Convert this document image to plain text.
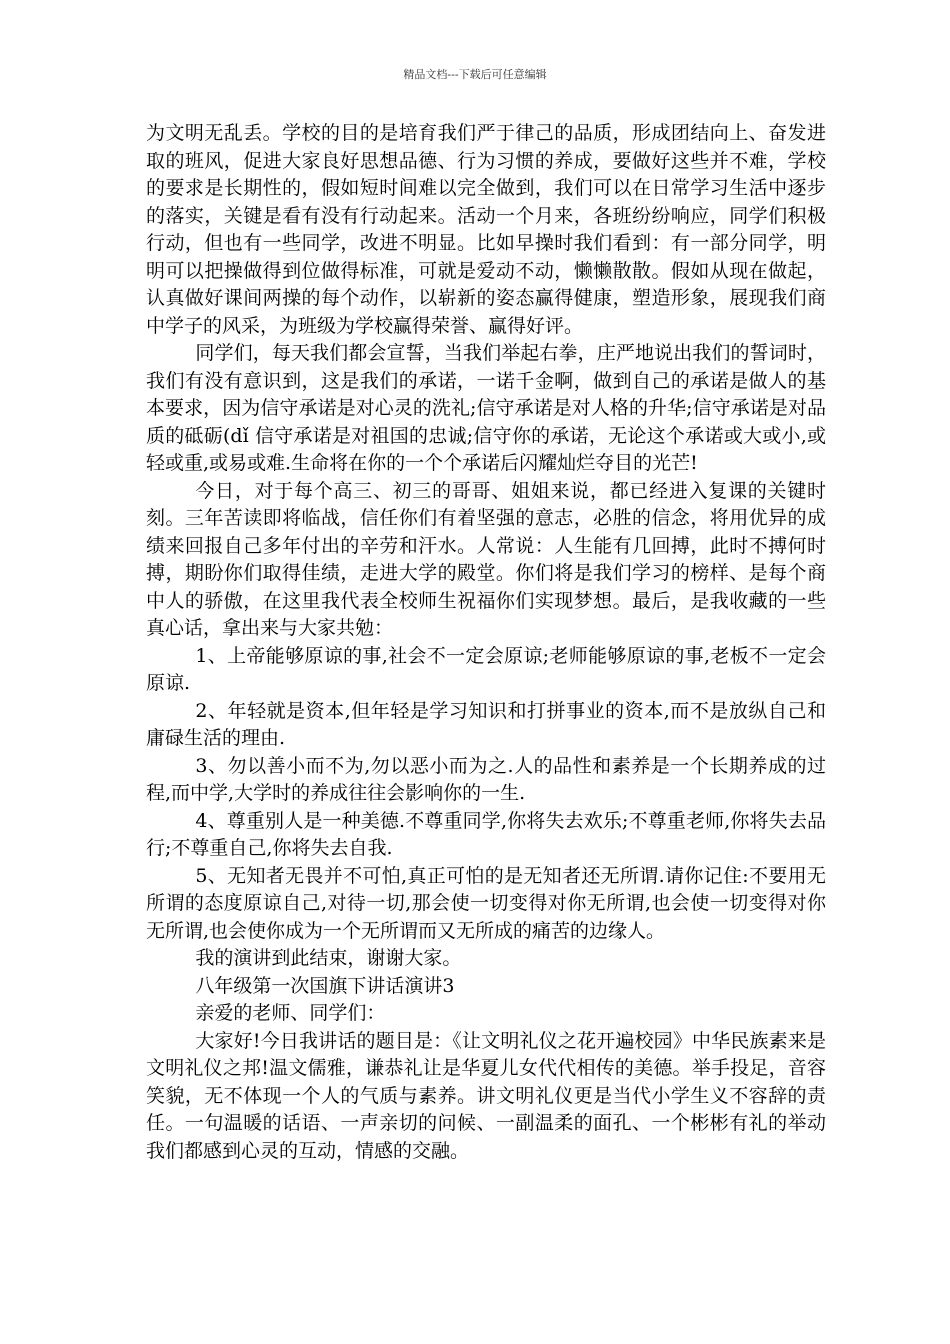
精品文档---下载后可任意编辑

为文明无乱丢。学校的目的是培育我们严于律己的品质，形成团结向上、奋发进取的班风，促进大家良好思想品德、行为习惯的养成，要做好这些并不难，学校的要求是长期性的，假如短时间难以完全做到，我们可以在日常学习生活中逐步的落实，关键是看有没有行动起来。活动一个月来，各班纷纷响应，同学们积极行动，但也有一些同学，改进不明显。比如早操时我们看到：有一部分同学，明明可以把操做得到位做得标准，可就是爱动不动，懒懒散散。假如从现在做起，认真做好课间两操的每个动作，以崭新的姿态赢得健康，塑造形象，展现我们商中学子的风采，为班级为学校赢得荣誉、赢得好评。

同学们，每天我们都会宣誓，当我们举起右拳，庄严地说出我们的誓词时，我们有没有意识到，这是我们的承诺，一诺千金啊，做到自己的承诺是做人的基本要求，因为信守承诺是对心灵的洗礼;信守承诺是对人格的升华;信守承诺是对品质的砥砺(dǐ 信守承诺是对祖国的忠诚;信守你的承诺，无论这个承诺或大或小,或轻或重,或易或难.生命将在你的一个个承诺后闪耀灿烂夺目的光芒!

今日，对于每个高三、初三的哥哥、姐姐来说，都已经进入复课的关键时刻。三年苦读即将临战，信任你们有着坚强的意志，必胜的信念，将用优异的成绩来回报自己多年付出的辛劳和汗水。人常说：人生能有几回搏，此时不搏何时搏，期盼你们取得佳绩，走进大学的殿堂。你们将是我们学习的榜样、是每个商中人的骄傲，在这里我代表全校师生祝福你们实现梦想。最后，是我收藏的一些真心话，拿出来与大家共勉：

1、上帝能够原谅的事,社会不一定会原谅;老师能够原谅的事,老板不一定会原谅.

2、年轻就是资本,但年轻是学习知识和打拼事业的资本,而不是放纵自己和庸碌生活的理由.

3、勿以善小而不为,勿以恶小而为之.人的品性和素养是一个长期养成的过程,而中学,大学时的养成往往会影响你的一生.

4、尊重别人是一种美德.不尊重同学,你将失去欢乐;不尊重老师,你将失去品行;不尊重自己,你将失去自我.

5、无知者无畏并不可怕,真正可怕的是无知者还无所谓.请你记住:不要用无所谓的态度原谅自己,对待一切,那会使一切变得对你无所谓,也会使一切变得对你无所谓,也会使你成为一个无所谓而又无所成的痛苦的边缘人。

我的演讲到此结束，谢谢大家。

八年级第一次国旗下讲话演讲3

亲爱的老师、同学们：

大家好!今日我讲话的题目是：《让文明礼仪之花开遍校园》中华民族素来是文明礼仪之邦!温文儒雅，谦恭礼让是华夏儿女代代相传的美德。举手投足，音容笑貌，无不体现一个人的气质与素养。讲文明礼仪更是当代小学生义不容辞的责任。一句温暖的话语、一声亲切的问候、一副温柔的面孔、一个彬彬有礼的举动我们都感到心灵的互动，情感的交融。
